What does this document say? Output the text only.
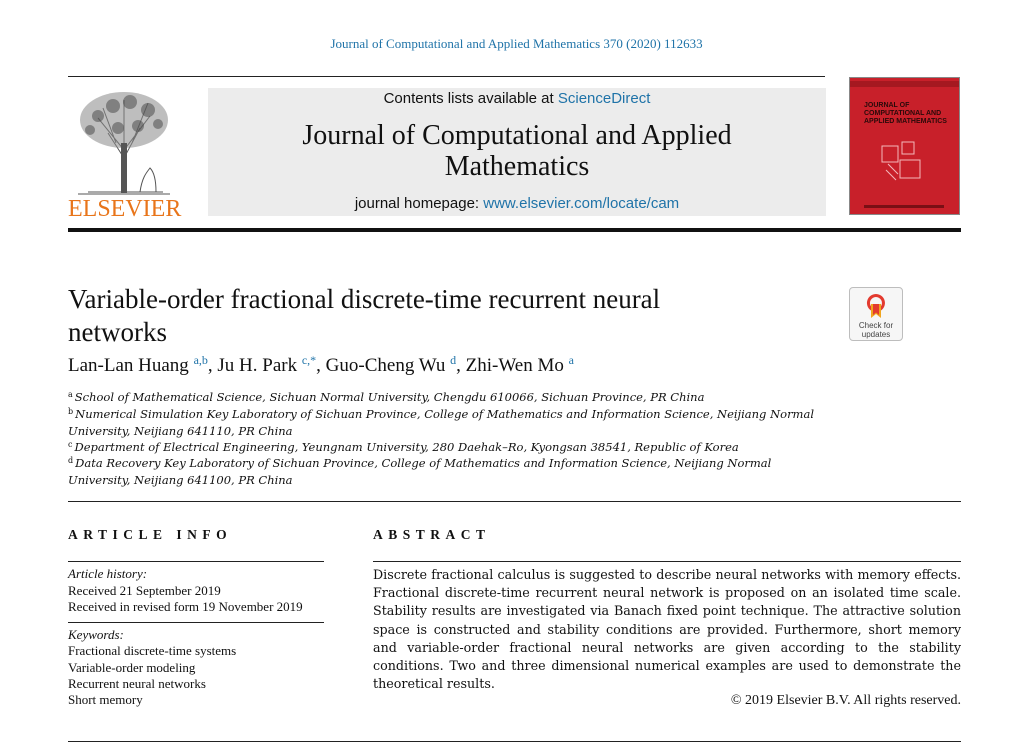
Journal of Computational and Applied Mathematics 370 (2020) 112633
ELSEVIER
Contents lists available at ScienceDirect
Journal of Computational and Applied
Mathematics
journal homepage: www.elsevier.com/locate/cam
JOURNAL OF COMPUTATIONAL AND APPLIED MATHEMATICS
Variable-order fractional discrete-time recurrent neural
networks	Check for
updates
Lan-Lan Huang $^{a,b}$, Ju H. Park $^{c,*}$, Guo-Cheng Wu $^d$, Zhi-Wen Mo $^a$
$^a$ School of Mathematical Science, Sichuan Normal University, Chengdu 610066, Sichuan Province, PR China
$^b$ Numerical Simulation Key Laboratory of Sichuan Province, College of Mathematics and Information Science, Neijiang Normal
University, Neijiang 641110, PR China
$^c$ Department of Electrical Engineering, Yeungnam University, 280 Daehak–Ro, Kyongsan 38541, Republic of Korea
$^d$ Data Recovery Key Laboratory of Sichuan Province, College of Mathematics and Information Science, Neijiang Normal
University, Neijiang 641100, PR China
ARTICLE INFO
Article history:
Received 21 September 2019
Received in revised form 19 November 2019
Keywords:
Fractional discrete-time systems
Variable-order modeling
Recurrent neural networks
Short memory
ABSTRACT
Discrete fractional calculus is suggested to describe neural networks with memory effects. Fractional discrete-time recurrent neural network is proposed on an isolated time scale. Stability results are investigated via Banach fixed point technique. The attractive solution space is constructed and stability conditions are provided. Furthermore, short memory and variable-order fractional neural networks are given according to the stability conditions. Two and three dimensional numerical examples are used to demonstrate the theoretical results.
© 2019 Elsevier B.V. All rights reserved.
